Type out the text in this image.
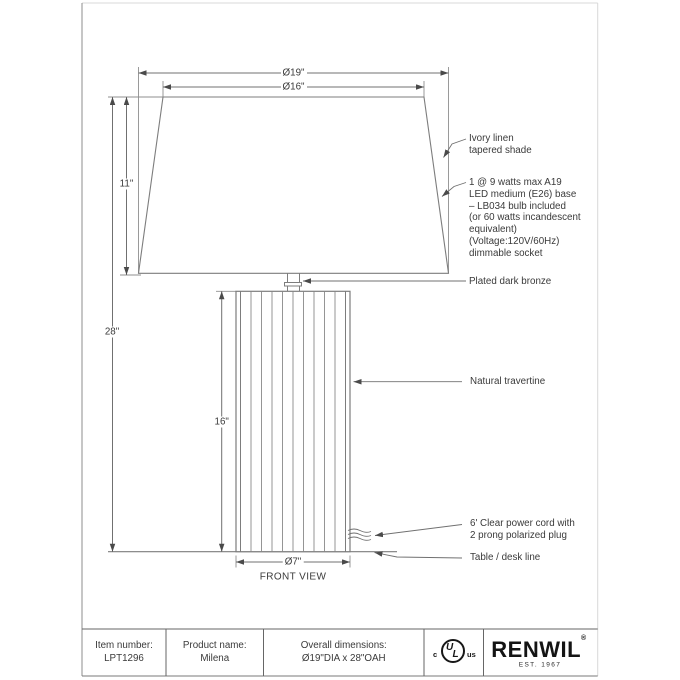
Ø19"
Ø16"
11"
28"
16"
Ø7"
FRONT VIEW
Ivory linen
tapered shade
1 @ 9 watts max A19
LED medium (E26) base
– LB034 bulb included
(or 60 watts incandescent
equivalent)
(Voltage:120V/60Hz)
dimmable socket
Plated dark bronze
Natural travertine
6' Clear power cord with
2 prong polarized plug
Table / desk line
Item number:
LPT1296
Product name:
Milena
Overall dimensions:
Ø19"DIA x 28"OAH	c
U
L us RENWIL®
EST. 1967
